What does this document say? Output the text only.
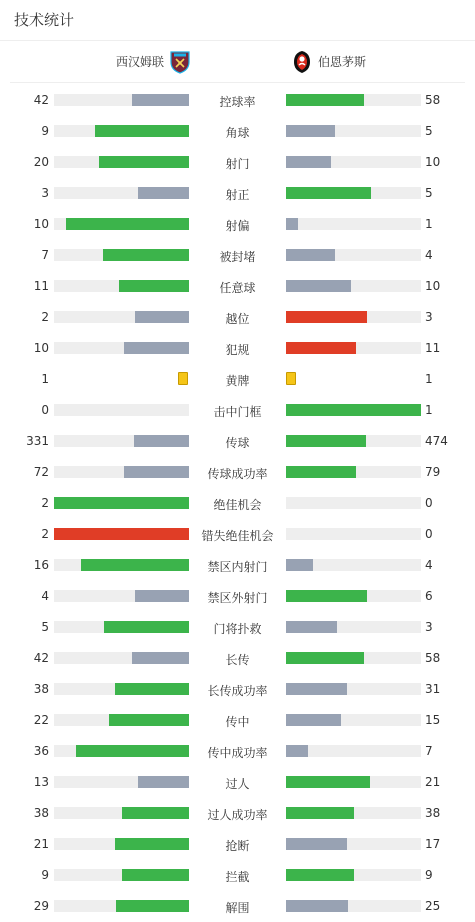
技术统计
西汉姆联	伯恩茅斯
42	控球率	58
9	角球	5
20	射门	10
3	射正	5
10	射偏	1
7	被封堵	4
11	任意球	10
2	越位	3
10	犯规	11
1	黄牌	1
0	击中门框	1
331	传球	474
72	传球成功率	79
2	绝佳机会	0
2	错失绝佳机会	0
16	禁区内射门	4
4	禁区外射门	6
5	门将扑救	3
42	长传	58
38	长传成功率	31
22	传中	15
36	传中成功率	7
13	过人	21
38	过人成功率	38
21	抢断	17
9	拦截	9
29	解围	25
